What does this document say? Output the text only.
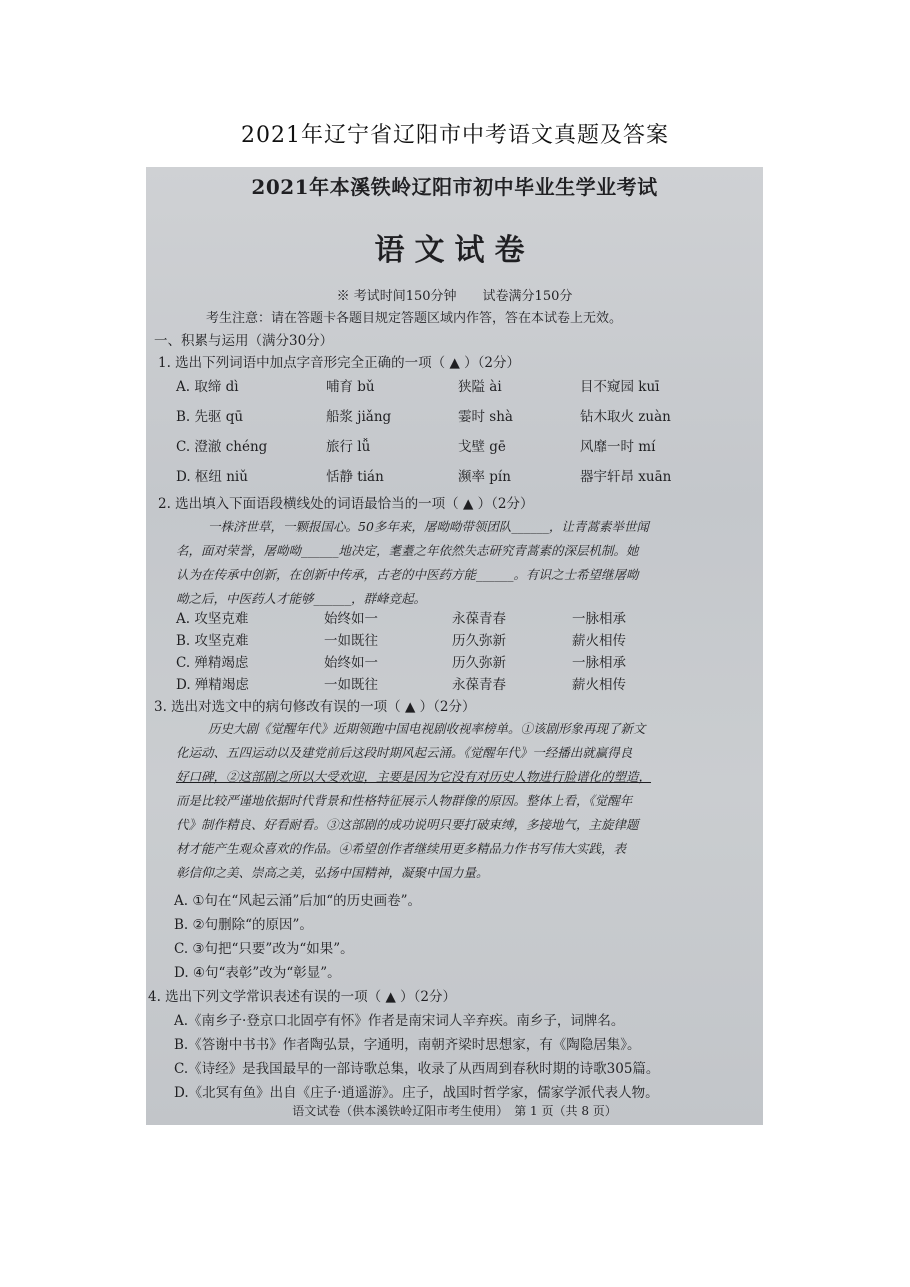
2021年辽宁省辽阳市中考语文真题及答案
2021年本溪铁岭辽阳市初中毕业生学业考试
语文试卷
※ 考试时间150分钟　　试卷满分150分
考生注意：请在答题卡各题目规定答题区域内作答，答在本试卷上无效。
一、积累与运用（满分30分）
1. 选出下列词语中加点字音形完全正确的一项（ ▲ ）（2分）
A. 取缔 dì	哺育 bǔ	狭隘 ài	目不窥园 kuī
B. 先驱 qū	船浆 jiǎng	霎时 shà	钻木取火 zuàn
C. 澄澈 chéng	旅行 lǚ	戈壁 gē	风靡一时 mí
D. 枢纽 niǔ	恬静 tián	濒率 pín	器宇轩昂 xuān
2. 选出填入下面语段横线处的词语最恰当的一项（ ▲ ）（2分）
一株济世草，一颗报国心。50多年来，屠呦呦带领团队______，让青蒿素举世闻
名，面对荣誉，屠呦呦______地决定，耄耋之年依然失志研究青蒿素的深层机制。她
认为在传承中创新，在创新中传承，古老的中医药方能______。有识之士希望继屠呦
呦之后，中医药人才能够______，群峰竞起。
A. 攻坚克难	始终如一	永葆青春	一脉相承
B. 攻坚克难	一如既往	历久弥新	薪火相传
C. 殚精竭虑	始终如一	历久弥新	一脉相承
D. 殚精竭虑	一如既往	永葆青春	薪火相传
3. 选出对选文中的病句修改有误的一项（ ▲ ）（2分）
历史大剧《觉醒年代》近期领跑中国电视剧收视率榜单。①该剧形象再现了新文
化运动、五四运动以及建党前后这段时期风起云涌。《觉醒年代》一经播出就赢得良
好口碑，②这部剧之所以大受欢迎，主要是因为它没有对历史人物进行脸谱化的塑造，
而是比较严谨地依据时代背景和性格特征展示人物群像的原因。整体上看，《觉醒年
代》制作精良、好看耐看。③这部剧的成功说明只要打破束缚，多接地气，主旋律题
材才能产生观众喜欢的作品。④希望创作者继续用更多精品力作书写伟大实践，表
彰信仰之美、崇高之美，弘扬中国精神，凝聚中国力量。
A. ①句在“风起云涌”后加“的历史画卷”。
B. ②句删除“的原因”。
C. ③句把“只要”改为“如果”。
D. ④句“表彰”改为“彰显”。
4. 选出下列文学常识表述有误的一项（ ▲ ）（2分）
A.《南乡子·登京口北固亭有怀》作者是南宋词人辛弃疾。南乡子，词牌名。
B.《答谢中书书》作者陶弘景，字通明，南朝齐梁时思想家，有《陶隐居集》。
C.《诗经》是我国最早的一部诗歌总集，收录了从西周到春秋时期的诗歌305篇。
D.《北冥有鱼》出自《庄子·逍遥游》。庄子，战国时哲学家，儒家学派代表人物。
语文试卷（供本溪铁岭辽阳市考生使用）　第 1 页（共 8 页）
